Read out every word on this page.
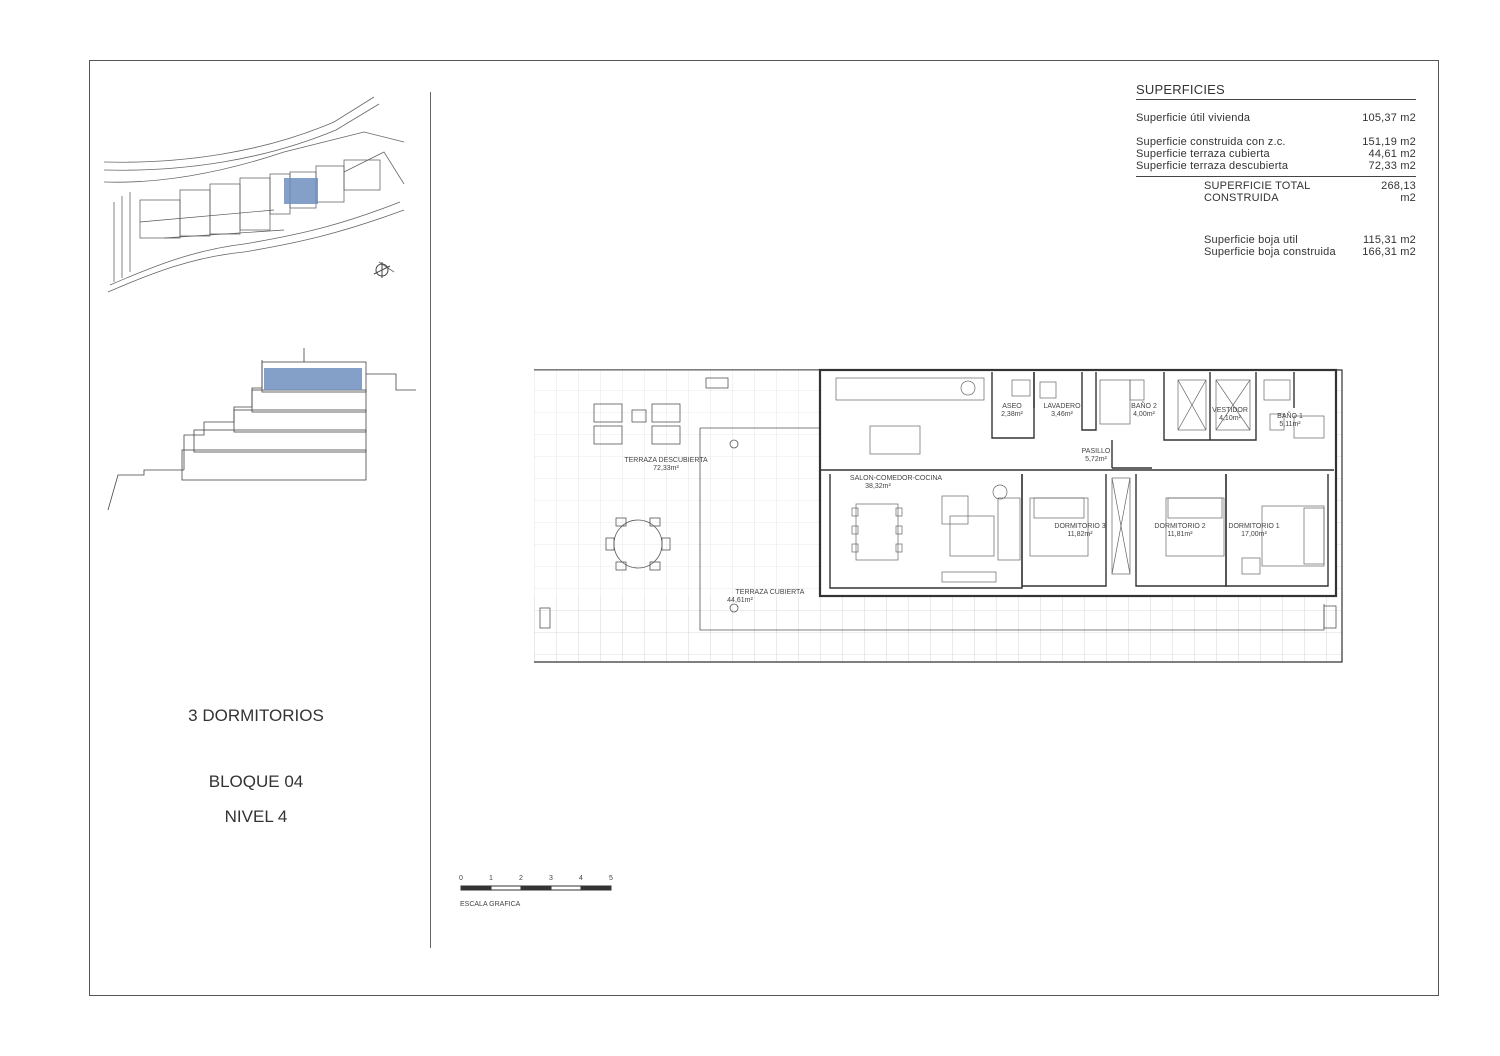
3 DORMITORIOS
BLOQUE 04
NIVEL 4
SUPERFICIES
Superficie útil vivienda	105,37 m2
Superficie construida con z.c.	151,19 m2
Superficie terraza cubierta	44,61 m2
Superficie terraza descubierta	72,33 m2
SUPERFICIE TOTAL CONSTRUIDA
268,13 m2
Superficie boja util	115,31 m2
Superficie boja construida 166,31 m2
ASEO
2,38m²
LAVADERO
3,46m²
BAÑO 2
4,00m²
VESTIDOR
4,10m²	BAÑO 1
5,11m²
PASILLO
5,72m²
SALON-COMEDOR-COCINA
38,32m²
DORMITORIO 3
11,82m²
DORMITORIO 2
11,81m²
DORMITORIO 1
17,00m²
TERRAZA DESCUBIERTA
72,33m²
TERRAZA CUBIERTA
44,61m²
0	1	2	3	4	5
ESCALA GRAFICA
